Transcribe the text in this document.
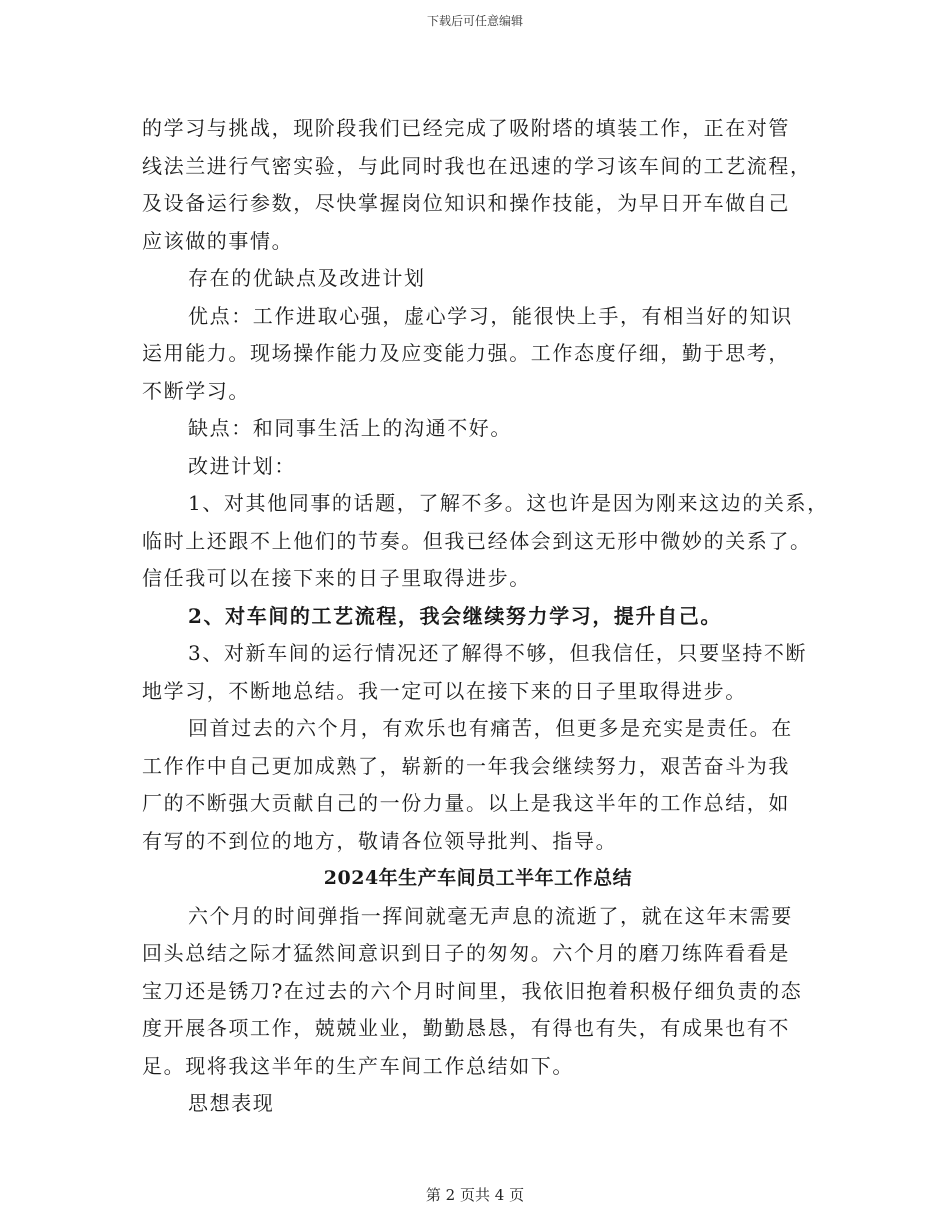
下载后可任意编辑

的学习与挑战，现阶段我们已经完成了吸附塔的填装工作，正在对管

线法兰进行气密实验，与此同时我也在迅速的学习该车间的工艺流程，

及设备运行参数，尽快掌握岗位知识和操作技能，为早日开车做自己

应该做的事情。

存在的优缺点及改进计划

优点：工作进取心强，虚心学习，能很快上手，有相当好的知识

运用能力。现场操作能力及应变能力强。工作态度仔细，勤于思考，

不断学习。

缺点：和同事生活上的沟通不好。

改进计划：

1、对其他同事的话题，了解不多。这也许是因为刚来这边的关系，

临时上还跟不上他们的节奏。但我已经体会到这无形中微妙的关系了。

信任我可以在接下来的日子里取得进步。

2、对车间的工艺流程，我会继续努力学习，提升自己。

3、对新车间的运行情况还了解得不够，但我信任，只要坚持不断

地学习，不断地总结。我一定可以在接下来的日子里取得进步。

回首过去的六个月，有欢乐也有痛苦，但更多是充实是责任。在

工作作中自己更加成熟了，崭新的一年我会继续努力，艰苦奋斗为我

厂的不断强大贡献自己的一份力量。以上是我这半年的工作总结，如

有写的不到位的地方，敬请各位领导批判、指导。

2024年生产车间员工半年工作总结

六个月的时间弹指一挥间就毫无声息的流逝了，就在这年末需要

回头总结之际才猛然间意识到日子的匆匆。六个月的磨刀练阵看看是

宝刀还是锈刀?在过去的六个月时间里，我依旧抱着积极仔细负责的态

度开展各项工作，兢兢业业，勤勤恳恳，有得也有失，有成果也有不

足。现将我这半年的生产车间工作总结如下。

思想表现

第 2 页共 4 页
